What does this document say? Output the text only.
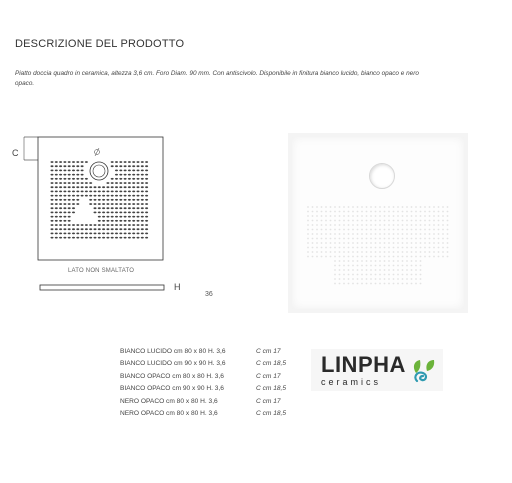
DESCRIZIONE DEL PRODOTTO
Piatto doccia quadro in ceramica, altezza 3,6 cm. Foro Diam. 90 mm. Con antiscivolo. Disponibile in finitura bianco lucido, bianco opaco e nero opaco.
C
LATO NON SMALTATO
H
36
BIANCO LUCIDO cm 80 x 80 H. 3,6	C cm 17
BIANCO LUCIDO cm 90 x 90 H. 3,6	C cm 18,5
BIANCO OPACO cm 80 x 80 H. 3,6	C cm 17
BIANCO OPACO cm 90 x 90 H. 3,6	C cm 18,5
NERO OPACO cm 80 x 80 H. 3,6	C cm 17
NERO OPACO cm 80 x 80 H. 3,6	C cm 18,5
LINPHA
ceramics
